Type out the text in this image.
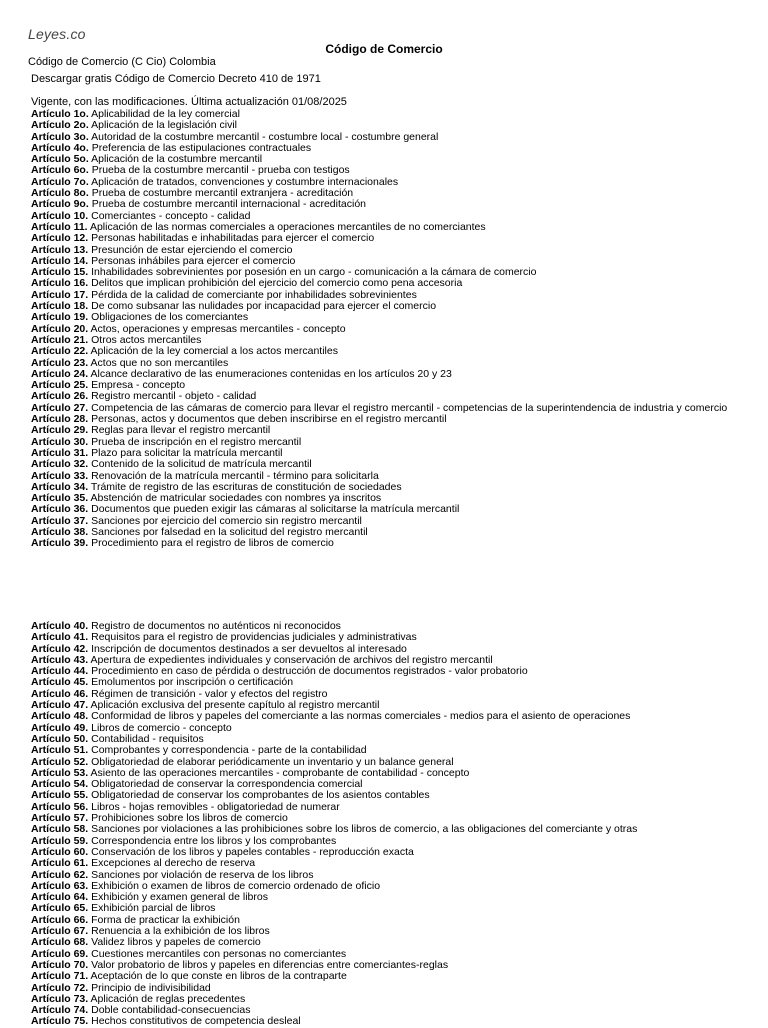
Leyes.co
Código de Comercio
Código de Comercio (C Cio) Colombia
Descargar gratis Código de Comercio Decreto 410 de 1971
Vigente, con las modificaciones. Última actualización 01/08/2025
Artículo 1o. Aplicabilidad de la ley comercial
Artículo 2o. Aplicación de la legislación civil
Artículo 3o. Autoridad de la costumbre mercantil - costumbre local - costumbre general
Artículo 4o. Preferencia de las estipulaciones contractuales
Artículo 5o. Aplicación de la costumbre mercantil
Artículo 6o. Prueba de la costumbre mercantil - prueba con testigos
Artículo 7o. Aplicación de tratados, convenciones y costumbre internacionales
Artículo 8o. Prueba de costumbre mercantil extranjera - acreditación
Artículo 9o. Prueba de costumbre mercantil internacional - acreditación
Artículo 10. Comerciantes - concepto - calidad
Artículo 11. Aplicación de las normas comerciales a operaciones mercantiles de no comerciantes
Artículo 12. Personas habilitadas e inhabilitadas para ejercer el comercio
Artículo 13. Presunción de estar ejerciendo el comercio
Artículo 14. Personas inhábiles para ejercer el comercio
Artículo 15. Inhabilidades sobrevinientes por posesión en un cargo - comunicación a la cámara de comercio
Artículo 16. Delitos que implican prohibición del ejercicio del comercio como pena accesoria
Artículo 17. Pérdida de la calidad de comerciante por inhabilidades sobrevinientes
Artículo 18. De como subsanar las nulidades por incapacidad para ejercer el comercio
Artículo 19. Obligaciones de los comerciantes
Artículo 20. Actos, operaciones y empresas mercantiles - concepto
Artículo 21. Otros actos mercantiles
Artículo 22. Aplicación de la ley comercial a los actos mercantiles
Artículo 23. Actos que no son mercantiles
Artículo 24. Alcance declarativo de las enumeraciones contenidas en los artículos 20 y 23
Artículo 25. Empresa - concepto
Artículo 26. Registro mercantil - objeto - calidad
Artículo 27. Competencia de las cámaras de comercio para llevar el registro mercantil - competencias de la superintendencia de industria y comercio
Artículo 28. Personas, actos y documentos que deben inscribirse en el registro mercantil
Artículo 29. Reglas para llevar el registro mercantil
Artículo 30. Prueba de inscripción en el registro mercantil
Artículo 31. Plazo para solicitar la matrícula mercantil
Artículo 32. Contenido de la solicitud de matrícula mercantil
Artículo 33. Renovación de la matrícula mercantil - término para solicitarla
Artículo 34. Trámite de registro de las escrituras de constitución de sociedades
Artículo 35. Abstención de matricular sociedades con nombres ya inscritos
Artículo 36. Documentos que pueden exigir las cámaras al solicitarse la matrícula mercantil
Artículo 37. Sanciones por ejercicio del comercio sin registro mercantil
Artículo 38. Sanciones por falsedad en la solicitud del registro mercantil
Artículo 39. Procedimiento para el registro de libros de comercio
Artículo 40. Registro de documentos no auténticos ni reconocidos
Artículo 41. Requisitos para el registro de providencias judiciales y administrativas
Artículo 42. Inscripción de documentos destinados a ser devueltos al interesado
Artículo 43. Apertura de expedientes individuales y conservación de archivos del registro mercantil
Artículo 44. Procedimiento en caso de pérdida o destrucción de documentos registrados - valor probatorio
Artículo 45. Emolumentos por inscripción o certificación
Artículo 46. Régimen de transición - valor y efectos del registro
Artículo 47. Aplicación exclusiva del presente capítulo al registro mercantil
Artículo 48. Conformidad de libros y papeles del comerciante a las normas comerciales - medios para el asiento de operaciones
Artículo 49. Libros de comercio - concepto
Artículo 50. Contabilidad - requisitos
Artículo 51. Comprobantes y correspondencia - parte de la contabilidad
Artículo 52. Obligatoriedad de elaborar periódicamente un inventario y un balance general
Artículo 53. Asiento de las operaciones mercantiles - comprobante de contabilidad - concepto
Artículo 54. Obligatoriedad de conservar la correspondencia comercial
Artículo 55. Obligatoriedad de conservar los comprobantes de los asientos contables
Artículo 56. Libros - hojas removibles - obligatoriedad de numerar
Artículo 57. Prohibiciones sobre los libros de comercio
Artículo 58. Sanciones por violaciones a las prohibiciones sobre los libros de comercio, a las obligaciones del comerciante y otras
Artículo 59. Correspondencia entre los libros y los comprobantes
Artículo 60. Conservación de los libros y papeles contables - reproducción exacta
Artículo 61. Excepciones al derecho de reserva
Artículo 62. Sanciones por violación de reserva de los libros
Artículo 63. Exhibición o examen de libros de comercio ordenado de oficio
Artículo 64. Exhibición y examen general de libros
Artículo 65. Exhibición parcial de libros
Artículo 66. Forma de practicar la exhibición
Artículo 67. Renuencia a la exhibición de los libros
Artículo 68. Validez libros y papeles de comercio
Artículo 69. Cuestiones mercantiles con personas no comerciantes
Artículo 70. Valor probatorio de libros y papeles en diferencias entre comerciantes-reglas
Artículo 71. Aceptación de lo que conste en libros de la contraparte
Artículo 72. Principio de indivisibilidad
Artículo 73. Aplicación de reglas precedentes
Artículo 74. Doble contabilidad-consecuencias
Artículo 75. Hechos constitutivos de competencia desleal
